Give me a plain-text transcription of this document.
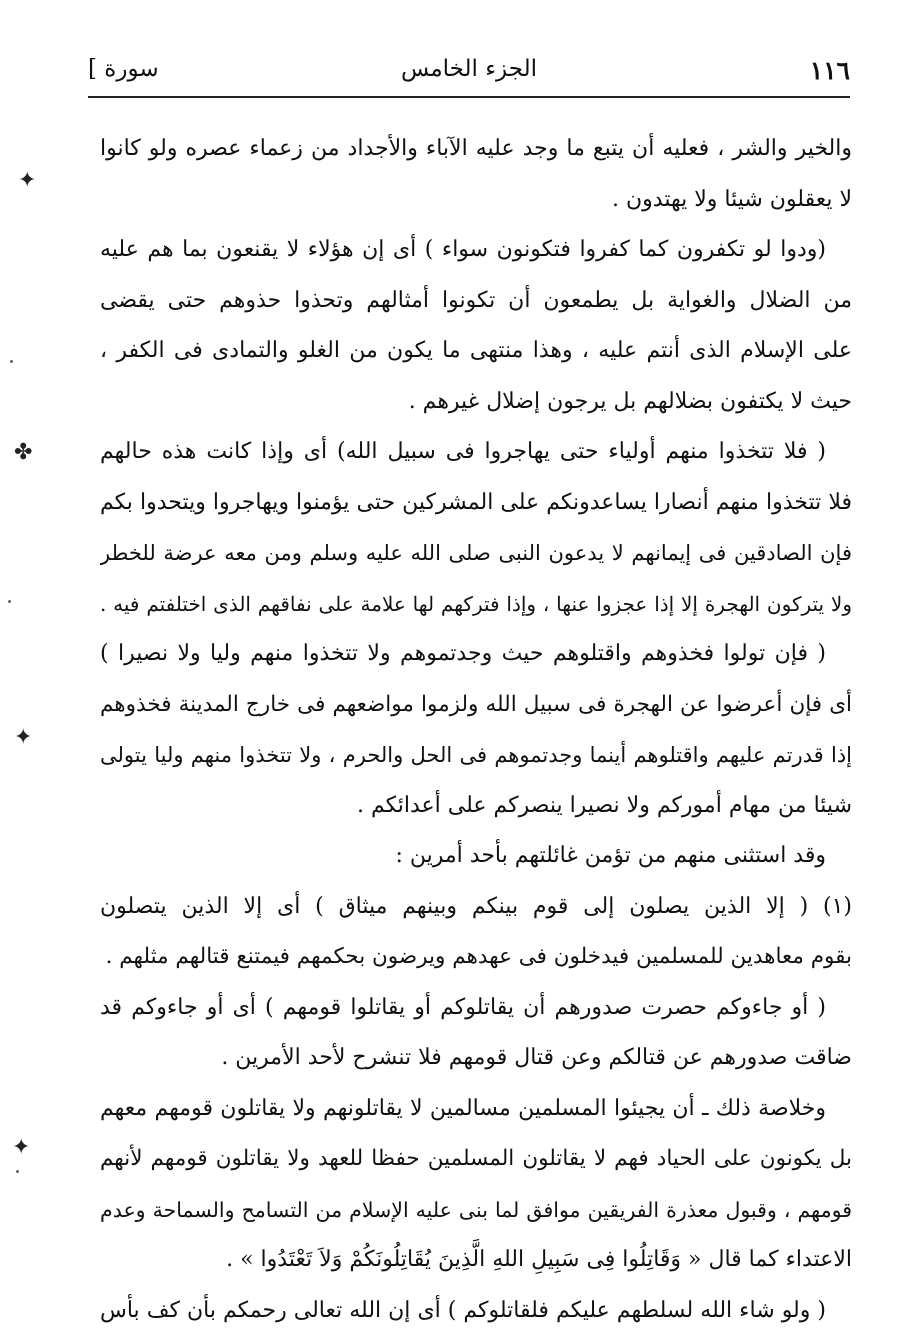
١١٦
الجزء الخامس
[ سورة
والخير والشر ، فعليه أن يتبع ما وجد عليه الآباء والأجداد من زعماء عصره ولو كانوا
لا يعقلون شيئا ولا يهتدون .
(ودوا لو تكفرون كما كفروا فتكونون سواء ) أى إن هؤلاء لا يقنعون بما هم عليه
من الضلال والغواية بل يطمعون أن تكونوا أمثالهم وتحذوا حذوهم حتى يقضى
على الإسلام الذى أنتم عليه ، وهذا منتهى ما يكون من الغلو والتمادى فى الكفر ،
حيث لا يكتفون بضلالهم بل يرجون إضلال غيرهم .
( فلا تتخذوا منهم أولياء حتى يهاجروا فى سبيل الله) أى وإذا كانت هذه حالهم
فلا تتخذوا منهم أنصارا يساعدونكم على المشركين حتى يؤمنوا ويهاجروا ويتحدوا بكم
فإن الصادقين فى إيمانهم لا يدعون النبى صلى الله عليه وسلم ومن معه عرضة للخطر
ولا يتركون الهجرة إلا إذا عجزوا عنها ، وإذا فتركهم لها علامة على نفاقهم الذى اختلفتم فيه .
( فإن تولوا فخذوهم واقتلوهم حيث وجدتموهم ولا تتخذوا منهم وليا ولا نصيرا )
أى فإن أعرضوا عن الهجرة فى سبيل الله ولزموا مواضعهم فى خارج المدينة فخذوهم
إذا قدرتم عليهم واقتلوهم أينما وجدتموهم فى الحل والحرم ، ولا تتخذوا منهم وليا يتولى
شيئا من مهام أموركم ولا نصيرا ينصركم على أعدائكم .
وقد استثنى منهم من تؤمن غائلتهم بأحد أمرين :
(١) ( إلا الذين يصلون إلى قوم بينكم وبينهم ميثاق ) أى إلا الذين يتصلون
بقوم معاهدين للمسلمين فيدخلون فى عهدهم ويرضون بحكمهم فيمتنع قتالهم مثلهم .
( أو جاءوكم حصرت صدورهم أن يقاتلوكم أو يقاتلوا قومهم ) أى أو جاءوكم قد
ضاقت صدورهم عن قتالكم وعن قتال قومهم فلا تنشرح لأحد الأمرين .
وخلاصة ذلك ـ أن يجيئوا المسلمين مسالمين لا يقاتلونهم ولا يقاتلون قومهم معهم
بل يكونون على الحياد فهم لا يقاتلون المسلمين حفظا للعهد ولا يقاتلون قومهم لأنهم
قومهم ، وقبول معذرة الفريقين موافق لما بنى عليه الإسلام من التسامح والسماحة وعدم
الاعتداء كما قال « وَقَاتِلُوا فِى سَبِيلِ اللهِ الَّذِينَ يُقَاتِلُونَكُمْ وَلاَ تَعْتَدُوا » .
( ولو شاء الله لسلطهم عليكم فلقاتلوكم ) أى إن الله تعالى رحمكم بأن كف بأس
✦
✤
✦
✦
